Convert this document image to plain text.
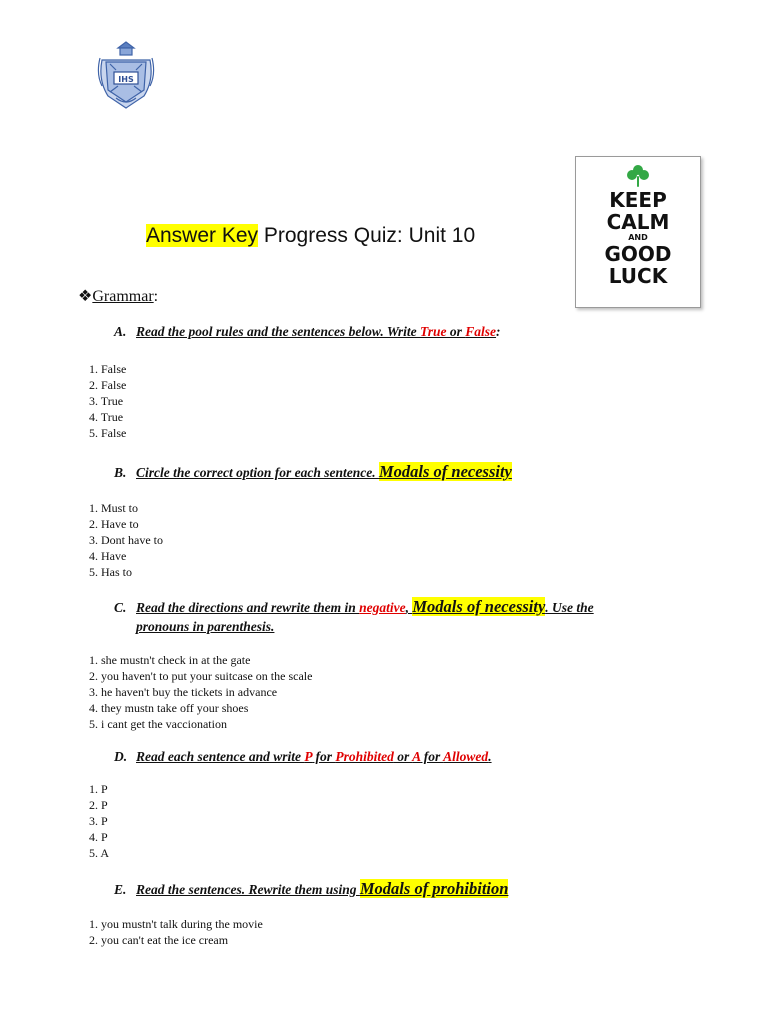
IHS
KEEP
CALM
AND
GOOD
LUCK
Answer Key Progress Quiz: Unit 10
❖Grammar:
A. Read the pool rules and the sentences below. Write True or False:
1. False
2. False
3. True
4. True
5. False
B. Circle the correct option for each sentence. Modals of necessity
1. Must to
2. Have to
3. Dont have to
4. Have
5. Has to
C. Read the directions and rewrite them in negative, Modals of necessity. Use the
pronouns in parenthesis.
1. she mustn't check in at the gate
2. you haven't to put your suitcase on the scale
3. he haven't buy the tickets in advance
4. they mustn take off your shoes
5. i cant get the vaccionation
D. Read each sentence and write P for Prohibited or A for Allowed.
1. P
2. P
3. P
4. P
5. A
E. Read the sentences. Rewrite them using Modals of prohibition
1. you mustn't talk during the movie
2. you can't eat the ice cream
